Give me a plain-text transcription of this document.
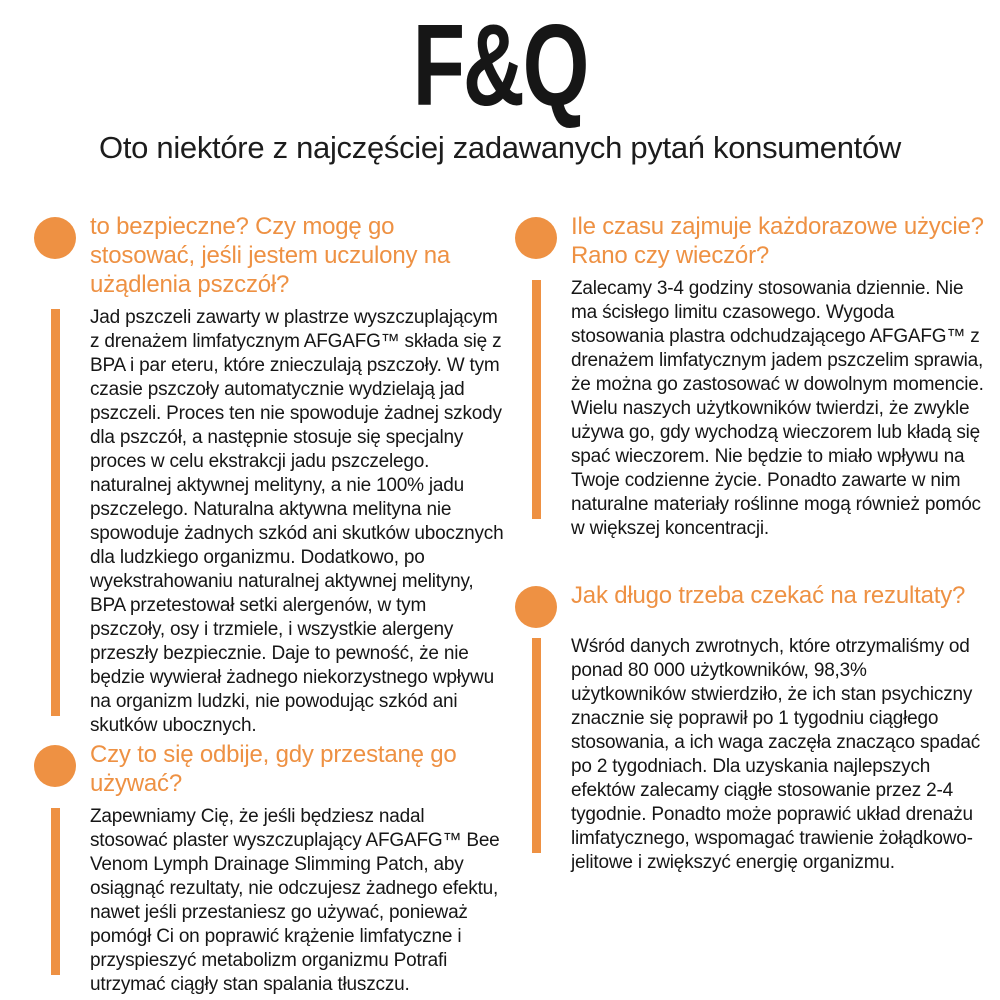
F&Q

Oto niektóre z najczęściej zadawanych pytań konsumentów

to bezpieczne? Czy mogę go stosować, jeśli jestem uczulony na użądlenia pszczół?

Jad pszczeli zawarty w plastrze wyszczuplającym z drenażem limfatycznym AFGAFG™ składa się z BPA i par eteru, które znieczulają pszczoły. W tym czasie pszczoły automatycznie wydzielają jad pszczeli. Proces ten nie spowoduje żadnej szkody dla pszczół, a następnie stosuje się specjalny proces w celu ekstrakcji jadu pszczelego. naturalnej aktywnej melityny, a nie 100% jadu pszczelego. Naturalna aktywna melityna nie spowoduje żadnych szkód ani skutków ubocznych dla ludzkiego organizmu. Dodatkowo, po wyekstrahowaniu naturalnej aktywnej melityny, BPA przetestował setki alergenów, w tym pszczoły, osy i trzmiele, i wszystkie alergeny przeszły bezpiecznie. Daje to pewność, że nie będzie wywierał żadnego niekorzystnego wpływu na organizm ludzki, nie powodując szkód ani skutków ubocznych.

Czy to się odbije, gdy przestanę go używać?

Zapewniamy Cię, że jeśli będziesz nadal stosować plaster wyszczuplający AFGAFG™ Bee Venom Lymph Drainage Slimming Patch, aby osiągnąć rezultaty, nie odczujesz żadnego efektu, nawet jeśli przestaniesz go używać, ponieważ pomógł Ci on poprawić krążenie limfatyczne i przyspieszyć metabolizm organizmu Potrafi utrzymać ciągły stan spalania tłuszczu.

Ile czasu zajmuje każdorazowe użycie? Rano czy wieczór?

Zalecamy 3-4 godziny stosowania dziennie. Nie ma ścisłego limitu czasowego. Wygoda stosowania plastra odchudzającego AFGAFG™ z drenażem limfatycznym jadem pszczelim sprawia, że można go zastosować w dowolnym momencie. Wielu naszych użytkowników twierdzi, że zwykle używa go, gdy wychodzą wieczorem lub kładą się spać wieczorem. Nie będzie to miało wpływu na Twoje codzienne życie. Ponadto zawarte w nim naturalne materiały roślinne mogą również pomóc w większej koncentracji.

Jak długo trzeba czekać na rezultaty?

Wśród danych zwrotnych, które otrzymaliśmy od ponad 80 000 użytkowników, 98,3% użytkowników stwierdziło, że ich stan psychiczny znacznie się poprawił po 1 tygodniu ciągłego stosowania, a ich waga zaczęła znacząco spadać po 2 tygodniach. Dla uzyskania najlepszych efektów zalecamy ciągłe stosowanie przez 2-4 tygodnie. Ponadto może poprawić układ drenażu limfatycznego, wspomagać trawienie żołądkowo-jelitowe i zwiększyć energię organizmu.
